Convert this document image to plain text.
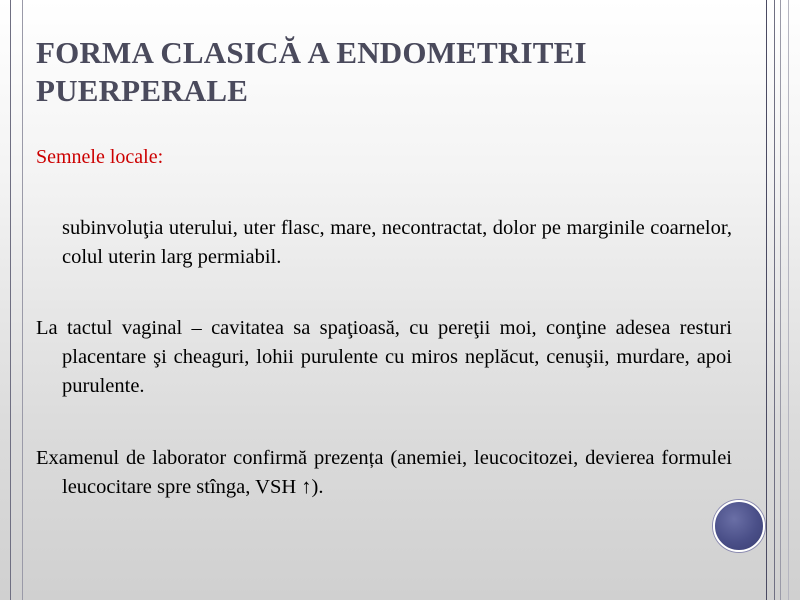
FORMA CLASICĂ A ENDOMETRITEI PUERPERALE
Semnele locale:
subinvoluţia uterului, uter flasc, mare, necontractat, dolor pe marginile coarnelor, colul uterin larg permiabil.
La tactul vaginal – cavitatea sa spaţioasă, cu pereţii moi, conţine adesea resturi placentare şi cheaguri, lohii purulente cu miros neplăcut, cenuşii, murdare, apoi purulente.
Examenul de laborator confirmă prezența (anemiei, leucocitozei, devierea formulei leucocitare spre stînga, VSH ↑).
